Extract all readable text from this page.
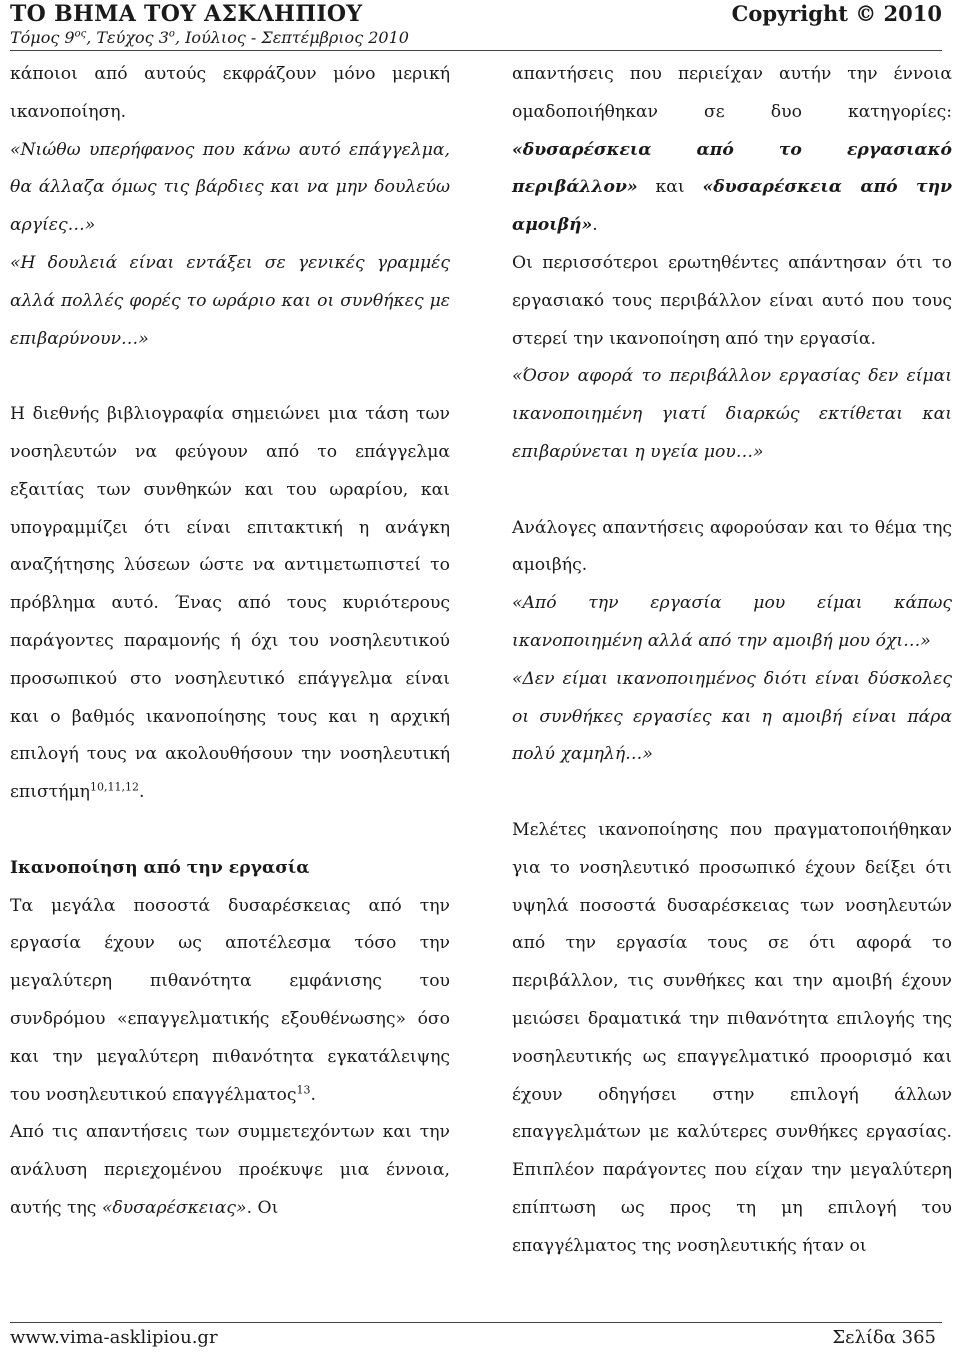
ΤΟ ΒΗΜΑ ΤΟΥ ΑΣΚΛΗΠΙΟΥ	Copyright © 2010
Τόμος $9^{o\varsigma}$, Τεύχος $3^o$, Ιούλιος - Σεπτέμβριος 2010

κάποιοι από αυτούς εκφράζουν μόνο μερική ικανοποίηση.

«Νιώθω υπερήφανος που κάνω αυτό επάγγελμα, θα άλλαζα όμως τις βάρδιες και να μην δουλεύω αργίες…»

«Η δουλειά είναι εντάξει σε γενικές γραμμές αλλά πολλές φορές το ωράριο και οι συνθήκες με επιβαρύνουν…»

Η διεθνής βιβλιογραφία σημειώνει μια τάση των νοσηλευτών να φεύγουν από το επάγγελμα εξαιτίας των συνθηκών και του ωραρίου, και υπογραμμίζει ότι είναι επιτακτική η ανάγκη αναζήτησης λύσεων ώστε να αντιμετωπιστεί το πρόβλημα αυτό. Ένας από τους κυριότερους παράγοντες παραμονής ή όχι του νοσηλευτικού προσωπικού στο νοσηλευτικό επάγγελμα είναι και ο βαθμός ικανοποίησης τους και η αρχική επιλογή τους να ακολουθήσουν την νοσηλευτική επιστήμη$^{10,11,12}$.

Ικανοποίηση από την εργασία

Τα μεγάλα ποσοστά δυσαρέσκειας από την εργασία έχουν ως αποτέλεσμα τόσο την μεγαλύτερη πιθανότητα εμφάνισης του συνδρόμου «επαγγελματικής εξουθένωσης» όσο και την μεγαλύτερη πιθανότητα εγκατάλειψης του νοσηλευτικού επαγγέλματος$^{13}$.

Από τις απαντήσεις των συμμετεχόντων και την ανάλυση περιεχομένου προέκυψε μια έννοια, αυτής της «δυσαρέσκειας». Οι

απαντήσεις που περιείχαν αυτήν την έννοια ομαδοποιήθηκαν σε δυο κατηγορίες: «δυσαρέσκεια από το εργασιακό περιβάλλον» και «δυσαρέσκεια από την αμοιβή».

Οι περισσότεροι ερωτηθέντες απάντησαν ότι το εργασιακό τους περιβάλλον είναι αυτό που τους στερεί την ικανοποίηση από την εργασία.

«Όσον αφορά το περιβάλλον εργασίας δεν είμαι ικανοποιημένη γιατί διαρκώς εκτίθεται και επιβαρύνεται η υγεία μου…»

Ανάλογες απαντήσεις αφορούσαν και το θέμα της αμοιβής.

«Από την εργασία μου είμαι κάπως ικανοποιημένη αλλά από την αμοιβή μου όχι…»

«Δεν είμαι ικανοποιημένος διότι είναι δύσκολες οι συνθήκες εργασίες και η αμοιβή είναι πάρα πολύ χαμηλή…»

Μελέτες ικανοποίησης που πραγματοποιήθηκαν για το νοσηλευτικό προσωπικό έχουν δείξει ότι υψηλά ποσοστά δυσαρέσκειας των νοσηλευτών από την εργασία τους σε ότι αφορά το περιβάλλον, τις συνθήκες και την αμοιβή έχουν μειώσει δραματικά την πιθανότητα επιλογής της νοσηλευτικής ως επαγγελματικό προορισμό και έχουν οδηγήσει στην επιλογή άλλων επαγγελμάτων με καλύτερες συνθήκες εργασίας. Επιπλέον παράγοντες που είχαν την μεγαλύτερη επίπτωση ως προς τη μη επιλογή του επαγγέλματος της νοσηλευτικής ήταν οι

www.vima-asklipiou.gr	Σελίδα 365
